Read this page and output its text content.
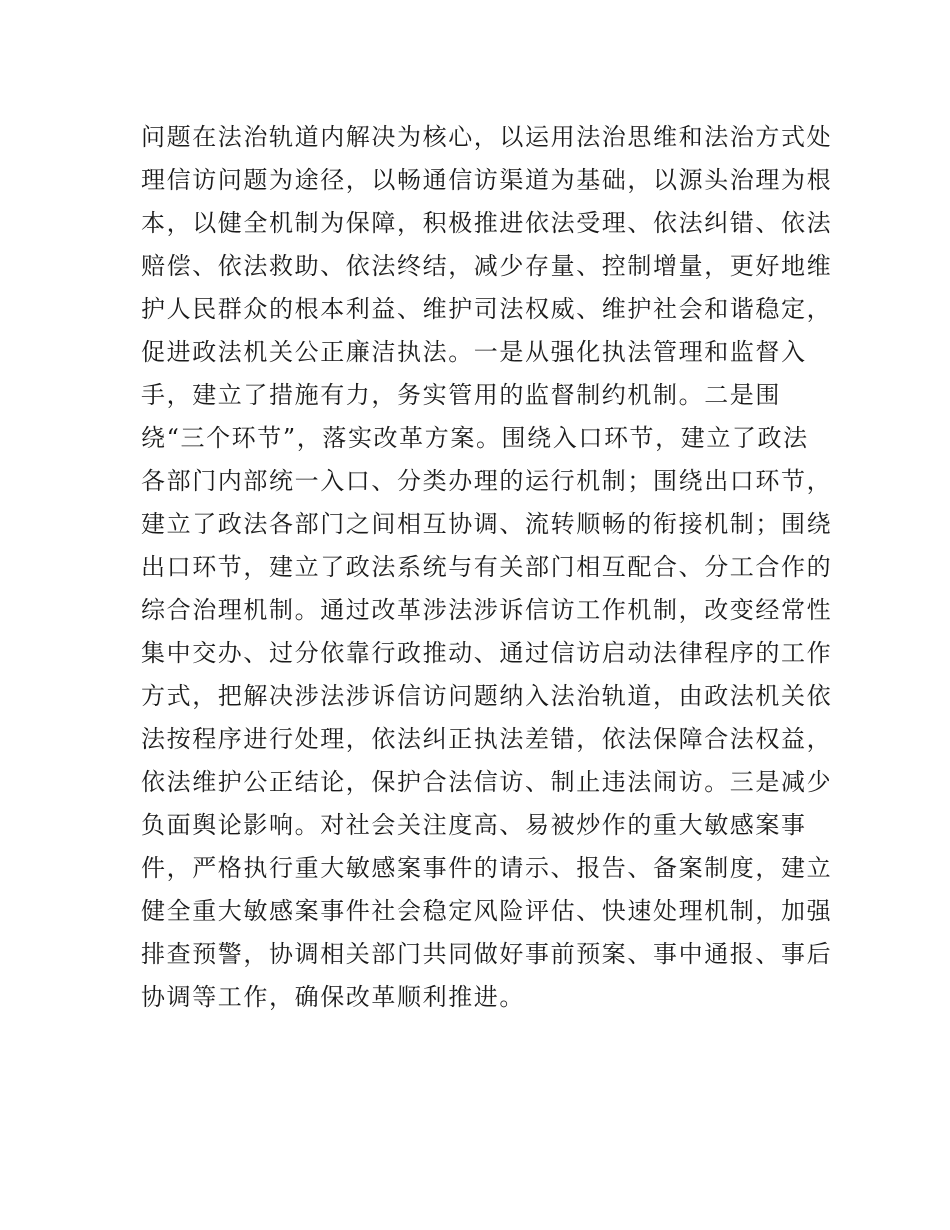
问题在法治轨道内解决为核心，以运用法治思维和法治方式处
理信访问题为途径，以畅通信访渠道为基础，以源头治理为根
本，以健全机制为保障，积极推进依法受理、依法纠错、依法
赔偿、依法救助、依法终结，减少存量、控制增量，更好地维
护人民群众的根本利益、维护司法权威、维护社会和谐稳定，
促进政法机关公正廉洁执法。一是从强化执法管理和监督入
手，建立了措施有力，务实管用的监督制约机制。二是围
绕“三个环节”，落实改革方案。围绕入口环节，建立了政法
各部门内部统一入口、分类办理的运行机制；围绕出口环节，
建立了政法各部门之间相互协调、流转顺畅的衔接机制；围绕
出口环节，建立了政法系统与有关部门相互配合、分工合作的
综合治理机制。通过改革涉法涉诉信访工作机制，改变经常性
集中交办、过分依靠行政推动、通过信访启动法律程序的工作
方式，把解决涉法涉诉信访问题纳入法治轨道，由政法机关依
法按程序进行处理，依法纠正执法差错，依法保障合法权益，
依法维护公正结论，保护合法信访、制止违法闹访。三是减少
负面舆论影响。对社会关注度高、易被炒作的重大敏感案事
件，严格执行重大敏感案事件的请示、报告、备案制度，建立
健全重大敏感案事件社会稳定风险评估、快速处理机制，加强
排查预警，协调相关部门共同做好事前预案、事中通报、事后
协调等工作，确保改革顺利推进。
